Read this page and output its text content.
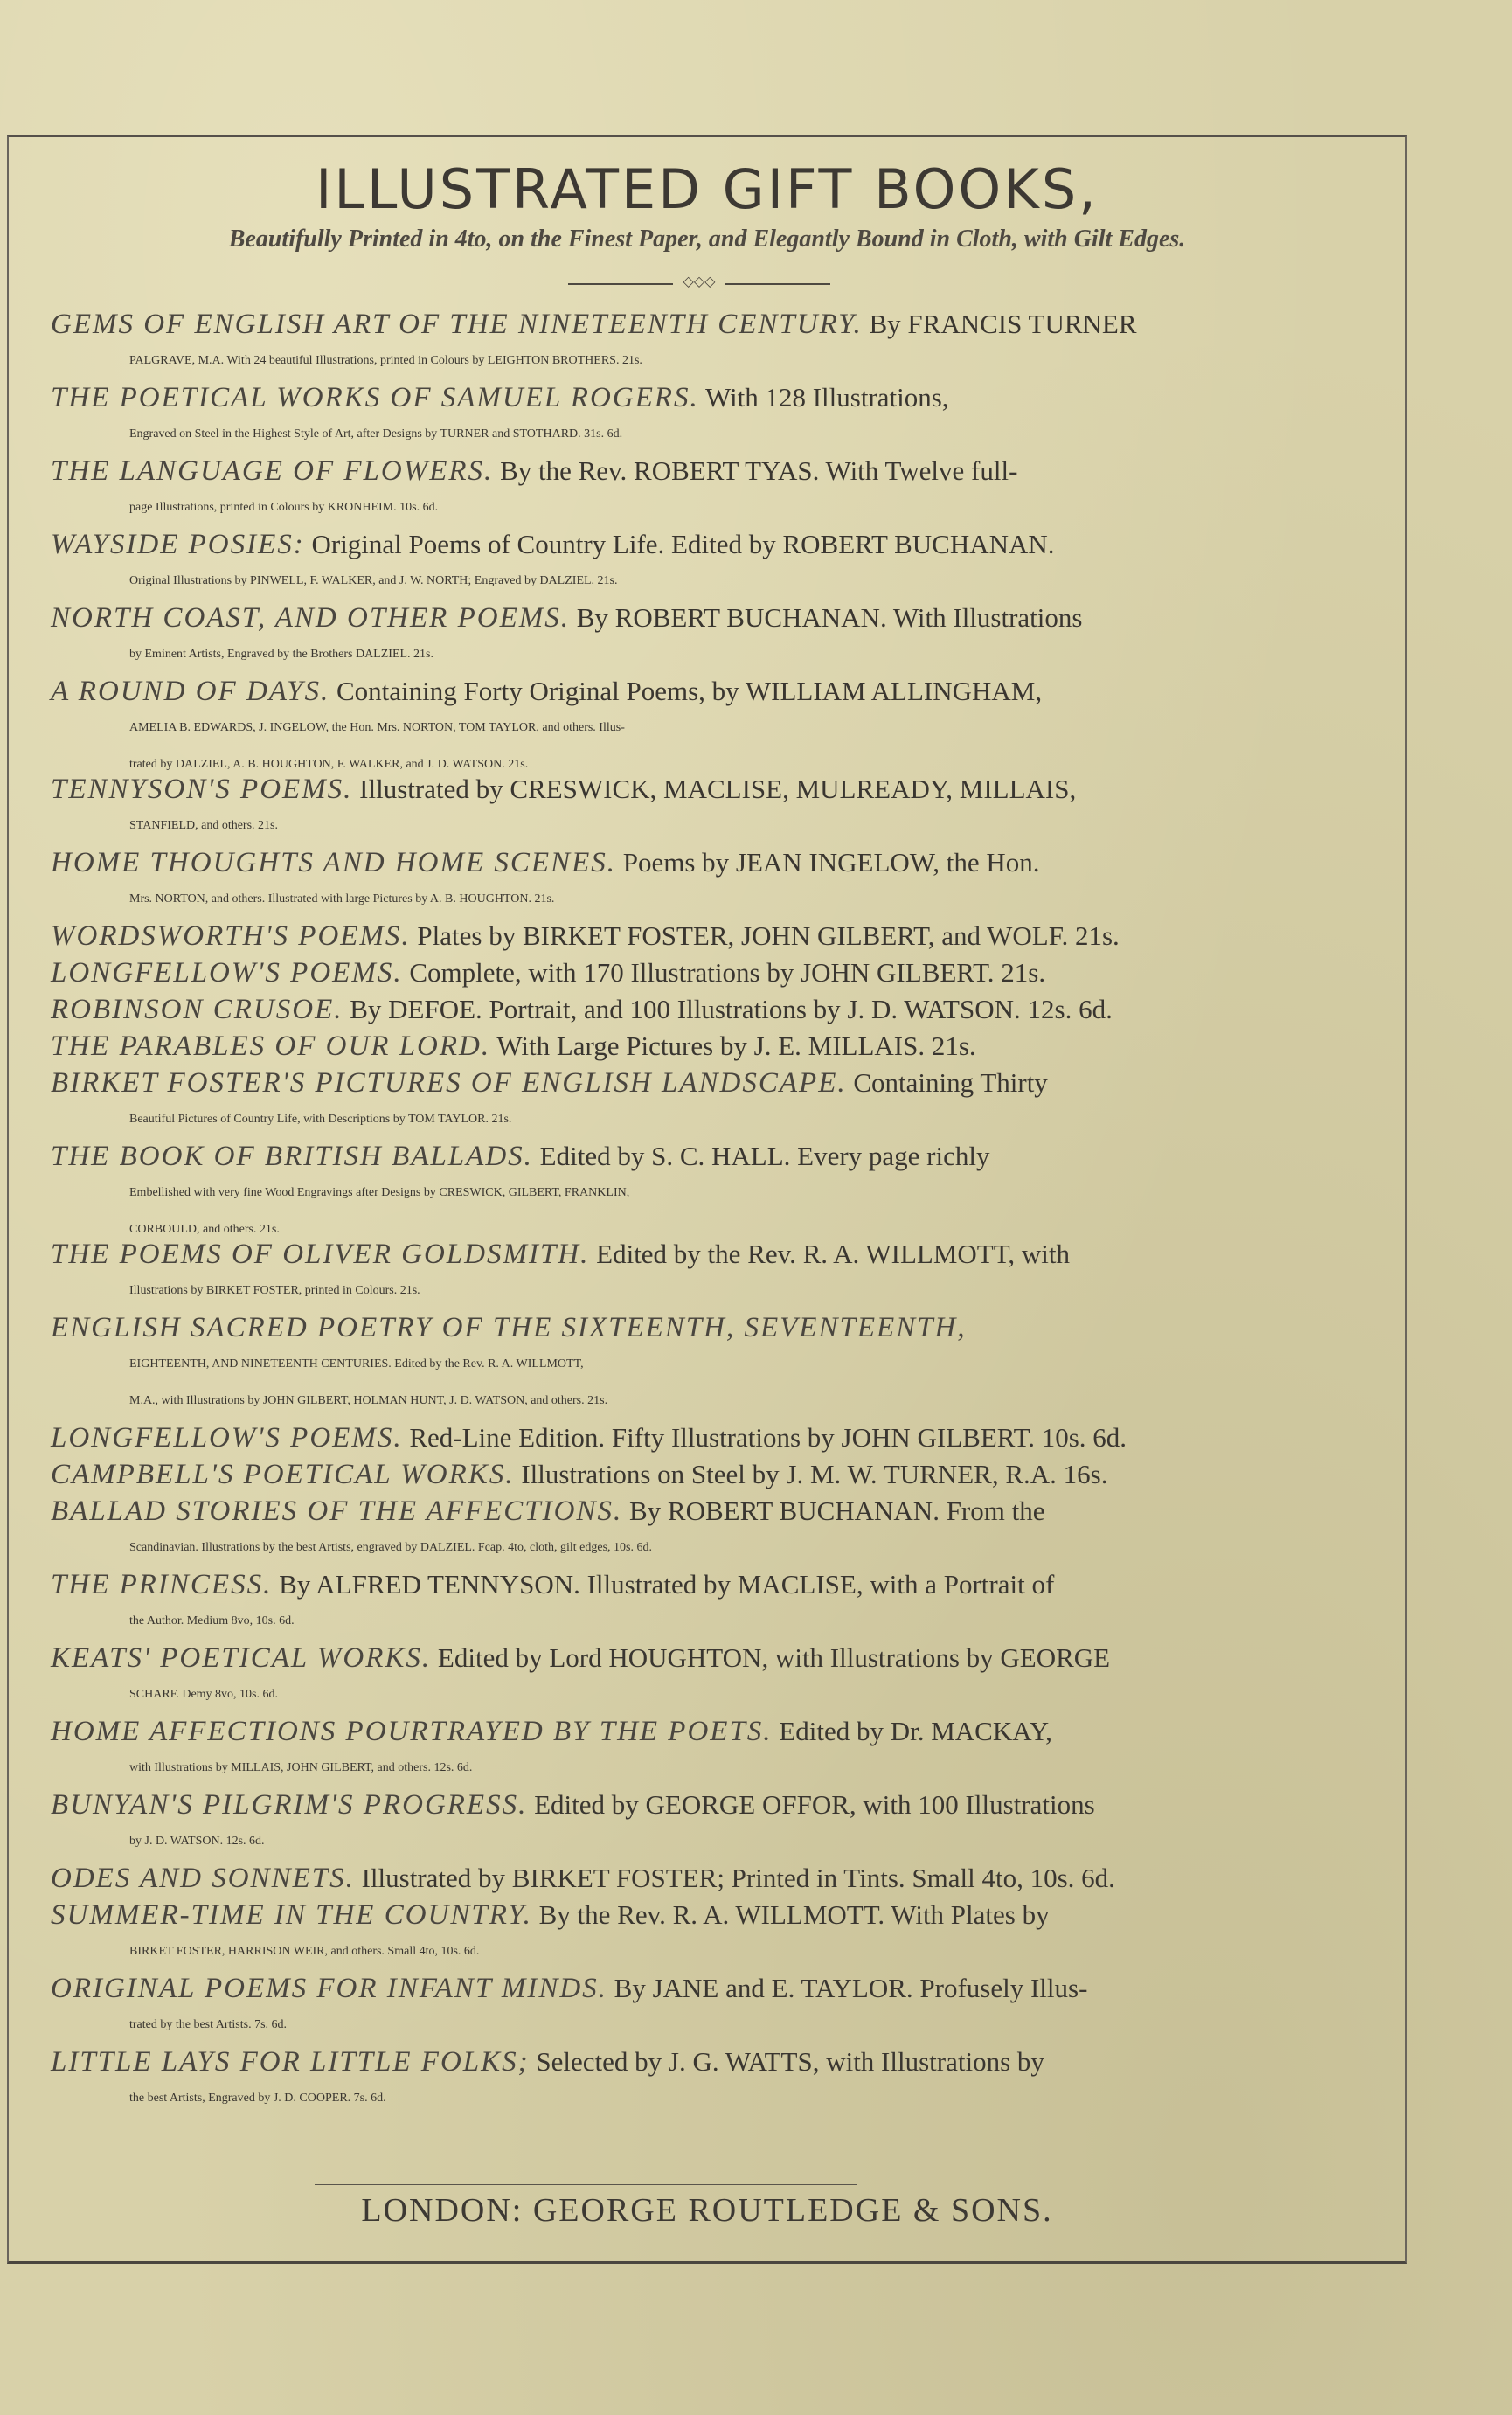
ILLUSTRATED GIFT BOOKS,
Beautifully Printed in 4to, on the Finest Paper, and Elegantly Bound in Cloth, with Gilt Edges.
◇◇◇
GEMS OF ENGLISH ART OF THE NINETEENTH CENTURY. By FRANCIS TURNER
PALGRAVE, M.A. With 24 beautiful Illustrations, printed in Colours by LEIGHTON BROTHERS. 21s.
THE POETICAL WORKS OF SAMUEL ROGERS. With 128 Illustrations,
Engraved on Steel in the Highest Style of Art, after Designs by TURNER and STOTHARD. 31s. 6d.
THE LANGUAGE OF FLOWERS. By the Rev. ROBERT TYAS. With Twelve full-
page Illustrations, printed in Colours by KRONHEIM. 10s. 6d.
WAYSIDE POSIES: Original Poems of Country Life. Edited by ROBERT BUCHANAN.
Original Illustrations by PINWELL, F. WALKER, and J. W. NORTH; Engraved by DALZIEL. 21s.
NORTH COAST, AND OTHER POEMS. By ROBERT BUCHANAN. With Illustrations
by Eminent Artists, Engraved by the Brothers DALZIEL. 21s.
A ROUND OF DAYS. Containing Forty Original Poems, by WILLIAM ALLINGHAM,
AMELIA B. EDWARDS, J. INGELOW, the Hon. Mrs. NORTON, TOM TAYLOR, and others. Illus-
trated by DALZIEL, A. B. HOUGHTON, F. WALKER, and J. D. WATSON. 21s.
TENNYSON'S POEMS. Illustrated by CRESWICK, MACLISE, MULREADY, MILLAIS,
STANFIELD, and others. 21s.
HOME THOUGHTS AND HOME SCENES. Poems by JEAN INGELOW, the Hon.
Mrs. NORTON, and others. Illustrated with large Pictures by A. B. HOUGHTON. 21s.
WORDSWORTH'S POEMS. Plates by BIRKET FOSTER, JOHN GILBERT, and WOLF. 21s.
LONGFELLOW'S POEMS. Complete, with 170 Illustrations by JOHN GILBERT. 21s.
ROBINSON CRUSOE. By DEFOE. Portrait, and 100 Illustrations by J. D. WATSON. 12s. 6d.
THE PARABLES OF OUR LORD. With Large Pictures by J. E. MILLAIS. 21s.
BIRKET FOSTER'S PICTURES OF ENGLISH LANDSCAPE. Containing Thirty
Beautiful Pictures of Country Life, with Descriptions by TOM TAYLOR. 21s.
THE BOOK OF BRITISH BALLADS. Edited by S. C. HALL. Every page richly
Embellished with very fine Wood Engravings after Designs by CRESWICK, GILBERT, FRANKLIN,
CORBOULD, and others. 21s.
THE POEMS OF OLIVER GOLDSMITH. Edited by the Rev. R. A. WILLMOTT, with
Illustrations by BIRKET FOSTER, printed in Colours. 21s.
ENGLISH SACRED POETRY OF THE SIXTEENTH, SEVENTEENTH,
EIGHTEENTH, AND NINETEENTH CENTURIES. Edited by the Rev. R. A. WILLMOTT,
M.A., with Illustrations by JOHN GILBERT, HOLMAN HUNT, J. D. WATSON, and others. 21s.
LONGFELLOW'S POEMS. Red-Line Edition. Fifty Illustrations by JOHN GILBERT. 10s. 6d.
CAMPBELL'S POETICAL WORKS. Illustrations on Steel by J. M. W. TURNER, R.A. 16s.
BALLAD STORIES OF THE AFFECTIONS. By ROBERT BUCHANAN. From the
Scandinavian. Illustrations by the best Artists, engraved by DALZIEL. Fcap. 4to, cloth, gilt edges, 10s. 6d.
THE PRINCESS. By ALFRED TENNYSON. Illustrated by MACLISE, with a Portrait of
the Author. Medium 8vo, 10s. 6d.
KEATS' POETICAL WORKS. Edited by Lord HOUGHTON, with Illustrations by GEORGE
SCHARF. Demy 8vo, 10s. 6d.
HOME AFFECTIONS POURTRAYED BY THE POETS. Edited by Dr. MACKAY,
with Illustrations by MILLAIS, JOHN GILBERT, and others. 12s. 6d.
BUNYAN'S PILGRIM'S PROGRESS. Edited by GEORGE OFFOR, with 100 Illustrations
by J. D. WATSON. 12s. 6d.
ODES AND SONNETS. Illustrated by BIRKET FOSTER; Printed in Tints. Small 4to, 10s. 6d.
SUMMER-TIME IN THE COUNTRY. By the Rev. R. A. WILLMOTT. With Plates by
BIRKET FOSTER, HARRISON WEIR, and others. Small 4to, 10s. 6d.
ORIGINAL POEMS FOR INFANT MINDS. By JANE and E. TAYLOR. Profusely Illus-
trated by the best Artists. 7s. 6d.
LITTLE LAYS FOR LITTLE FOLKS; Selected by J. G. WATTS, with Illustrations by
the best Artists, Engraved by J. D. COOPER. 7s. 6d.
LONDON: GEORGE ROUTLEDGE & SONS.
